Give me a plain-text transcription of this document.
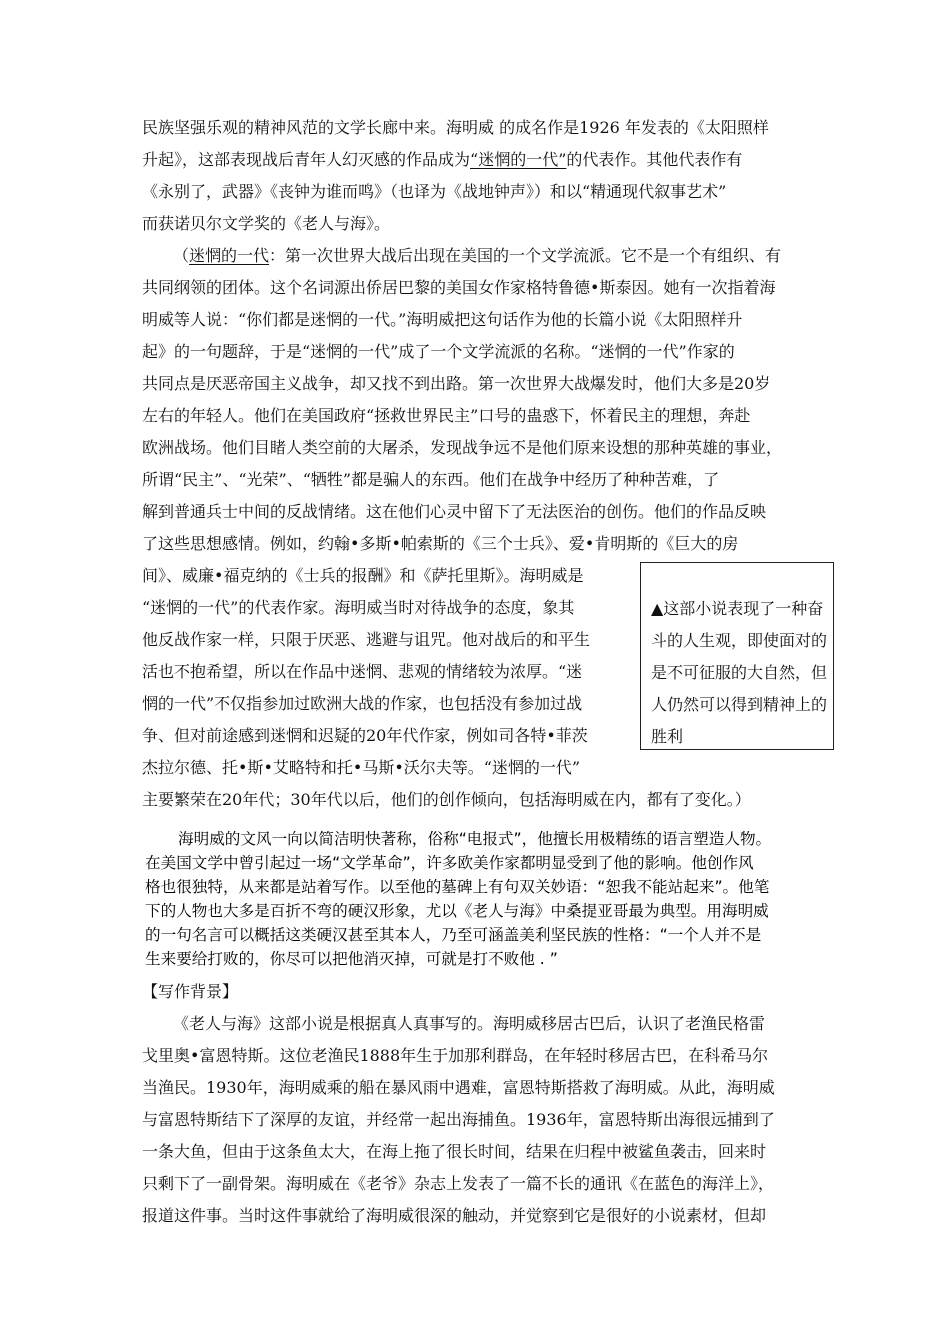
民族坚强乐观的精神风范的文学长廊中来。海明威 的成名作是1926 年发表的《太阳照样
升起》，这部表现战后青年人幻灭感的作品成为“迷惘的一代”的代表作。其他代表作有
《永别了，武器》《丧钟为谁而鸣》（也译为《战地钟声》）和以“精通现代叙事艺术”
而获诺贝尔文学奖的《老人与海》。
（迷惘的一代：第一次世界大战后出现在美国的一个文学流派。它不是一个有组织、有
共同纲领的团体。这个名词源出侨居巴黎的美国女作家格特鲁德•斯泰因。她有一次指着海
明威等人说：“你们都是迷惘的一代。”海明威把这句话作为他的长篇小说《太阳照样升
起》的一句题辞，于是“迷惘的一代”成了一个文学流派的名称。“迷惘的一代”作家的
共同点是厌恶帝国主义战争，却又找不到出路。第一次世界大战爆发时，他们大多是20岁
左右的年轻人。他们在美国政府“拯救世界民主”口号的蛊惑下，怀着民主的理想，奔赴
欧洲战场。他们目睹人类空前的大屠杀，发现战争远不是他们原来设想的那种英雄的事业，
所谓“民主”、“光荣”、“牺牲”都是骗人的东西。他们在战争中经历了种种苦难，了
解到普通兵士中间的反战情绪。这在他们心灵中留下了无法医治的创伤。他们的作品反映
了这些思想感情。例如，约翰•多斯•帕索斯的《三个士兵》、爱•肯明斯的《巨大的房
间》、威廉•福克纳的《士兵的报酬》和《萨托里斯》。海明威是
“迷惘的一代”的代表作家。海明威当时对待战争的态度，象其
他反战作家一样，只限于厌恶、逃避与诅咒。他对战后的和平生
活也不抱希望，所以在作品中迷惘、悲观的情绪较为浓厚。“迷
惘的一代”不仅指参加过欧洲大战的作家，也包括没有参加过战
争、但对前途感到迷惘和迟疑的20年代作家，例如司各特•菲茨
杰拉尔德、托•斯•艾略特和托•马斯•沃尔夫等。“迷惘的一代”
主要繁荣在20年代；30年代以后，他们的创作倾向，包括海明威在内，都有了变化。）
▲这部小说表现了一种奋斗的人生观，即使面对的是不可征服的大自然，但人仍然可以得到精神上的胜利
海明威的文风一向以简洁明快著称，俗称“电报式”，他擅长用极精练的语言塑造人物。
在美国文学中曾引起过一场“文学革命”，许多欧美作家都明显受到了他的影响。他创作风
格也很独特，从来都是站着写作。以至他的墓碑上有句双关妙语：“恕我不能站起来”。他笔
下的人物也大多是百折不弯的硬汉形象，尤以《老人与海》中桑提亚哥最为典型。用海明威
的一句名言可以概括这类硬汉甚至其本人，乃至可涵盖美利坚民族的性格：“一个人并不是
生来要给打败的，你尽可以把他消灭掉，可就是打不败他 . ”
【写作背景】
《老人与海》这部小说是根据真人真事写的。海明威移居古巴后，认识了老渔民格雷
戈里奥•富恩特斯。这位老渔民1888年生于加那利群岛，在年轻时移居古巴，在科希马尔
当渔民。1930年，海明威乘的船在暴风雨中遇难，富恩特斯搭救了海明威。从此，海明威
与富恩特斯结下了深厚的友谊，并经常一起出海捕鱼。1936年，富恩特斯出海很远捕到了
一条大鱼，但由于这条鱼太大，在海上拖了很长时间，结果在归程中被鲨鱼袭击，回来时
只剩下了一副骨架。海明威在《老爷》杂志上发表了一篇不长的通讯《在蓝色的海洋上》，
报道这件事。当时这件事就给了海明威很深的触动，并觉察到它是很好的小说素材，但却
